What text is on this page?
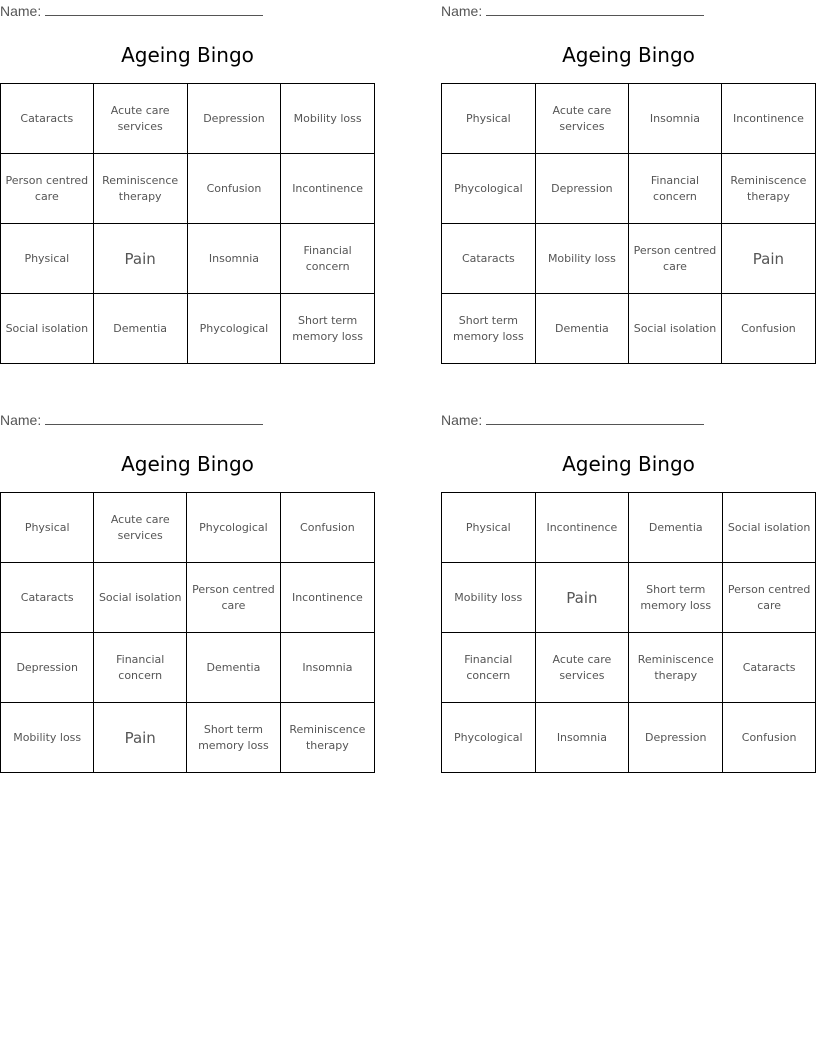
Name:
Ageing Bingo
Cataracts	Acute care services	Depression	Mobility loss
Person centred care	Reminiscence therapy	Confusion	Incontinence
Physical	Pain	Insomnia	Financial concern
Social isolation	Dementia	Phycological	Short term memory loss
Name:
Ageing Bingo
Physical	Acute care services	Insomnia	Incontinence
Phycological	Depression	Financial concern	Reminiscence therapy
Cataracts	Mobility loss	Person centred care	Pain
Short term memory loss	Dementia	Social isolation	Confusion
Name:
Ageing Bingo
Physical	Acute care services	Phycological	Confusion
Cataracts	Social isolation	Person centred care	Incontinence
Depression	Financial concern	Dementia	Insomnia
Mobility loss	Pain	Short term memory loss	Reminiscence therapy
Name:
Ageing Bingo
Physical	Incontinence	Dementia	Social isolation
Mobility loss	Pain	Short term memory loss	Person centred care
Financial concern	Acute care services	Reminiscence therapy	Cataracts
Phycological	Insomnia	Depression	Confusion
